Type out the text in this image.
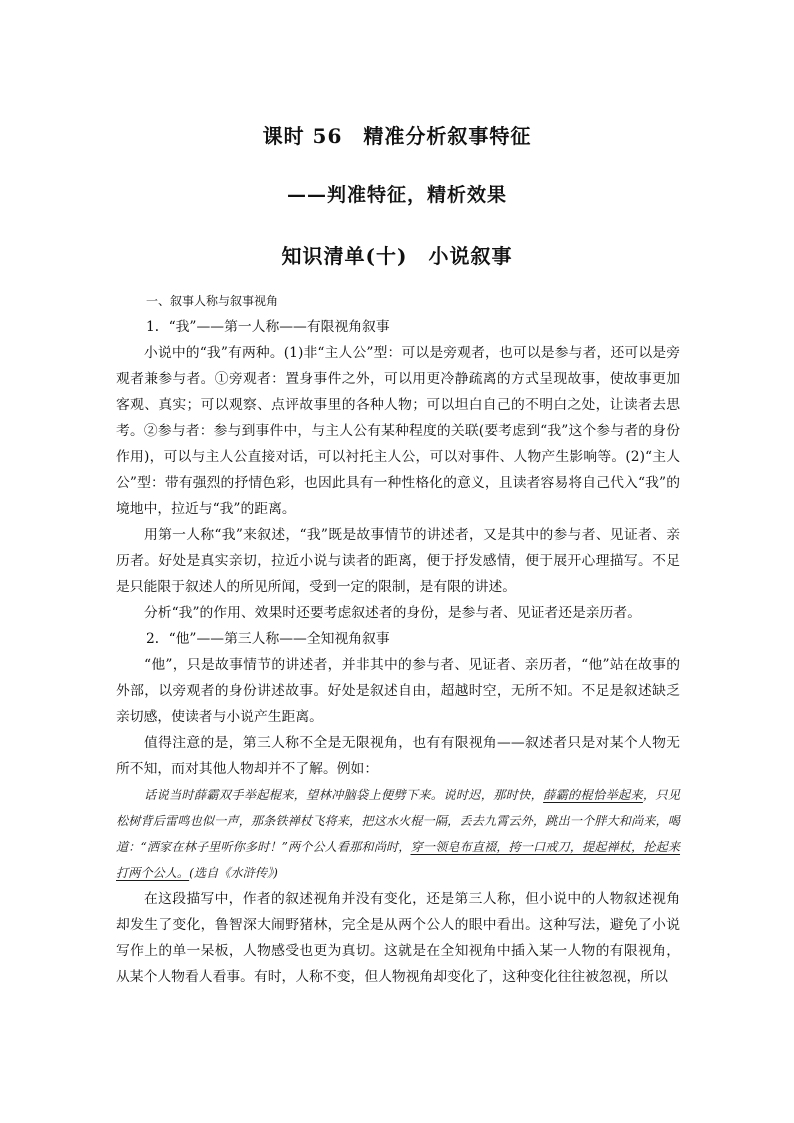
课时 56　精准分析叙事特征
——判准特征，精析效果
知识清单(十)　小说叙事

一、叙事人称与叙事视角

1．“我”——第一人称——有限视角叙事

小说中的“我”有两种。(1)非“主人公”型：可以是旁观者，也可以是参与者，还可以是旁观者兼参与者。①旁观者：置身事件之外，可以用更冷静疏离的方式呈现故事，使故事更加客观、真实；可以观察、点评故事里的各种人物；可以坦白自己的不明白之处，让读者去思考。②参与者：参与到事件中，与主人公有某种程度的关联(要考虑到“我”这个参与者的身份作用)，可以与主人公直接对话，可以衬托主人公，可以对事件、人物产生影响等。(2)“主人公”型：带有强烈的抒情色彩，也因此具有一种性格化的意义，且读者容易将自己代入“我”的境地中，拉近与“我”的距离。

用第一人称“我”来叙述，“我”既是故事情节的讲述者，又是其中的参与者、见证者、亲历者。好处是真实亲切，拉近小说与读者的距离，便于抒发感情，便于展开心理描写。不足是只能限于叙述人的所见所闻，受到一定的限制，是有限的讲述。

分析“我”的作用、效果时还要考虑叙述者的身份，是参与者、见证者还是亲历者。

2．“他”——第三人称——全知视角叙事

“他”，只是故事情节的讲述者，并非其中的参与者、见证者、亲历者，“他”站在故事的外部，以旁观者的身份讲述故事。好处是叙述自由，超越时空，无所不知。不足是叙述缺乏亲切感，使读者与小说产生距离。

值得注意的是，第三人称不全是无限视角，也有有限视角——叙述者只是对某个人物无所不知，而对其他人物却并不了解。例如：

话说当时薛霸双手举起棍来，望林冲脑袋上便劈下来。说时迟，那时快，薛霸的棍恰举起来，只见松树背后雷鸣也似一声，那条铁禅杖飞将来，把这水火棍一隔，丢去九霄云外，跳出一个胖大和尚来，喝道：“洒家在林子里听你多时！”两个公人看那和尚时，穿一领皂布直裰，挎一口戒刀，提起禅杖，抡起来打两个公人。(选自《水浒传》)

在这段描写中，作者的叙述视角并没有变化，还是第三人称，但小说中的人物叙述视角却发生了变化，鲁智深大闹野猪林，完全是从两个公人的眼中看出。这种写法，避免了小说写作上的单一呆板，人物感受也更为真切。这就是在全知视角中插入某一人物的有限视角，从某个人物看人看事。有时，人称不变，但人物视角却变化了，这种变化往往被忽视，所以
